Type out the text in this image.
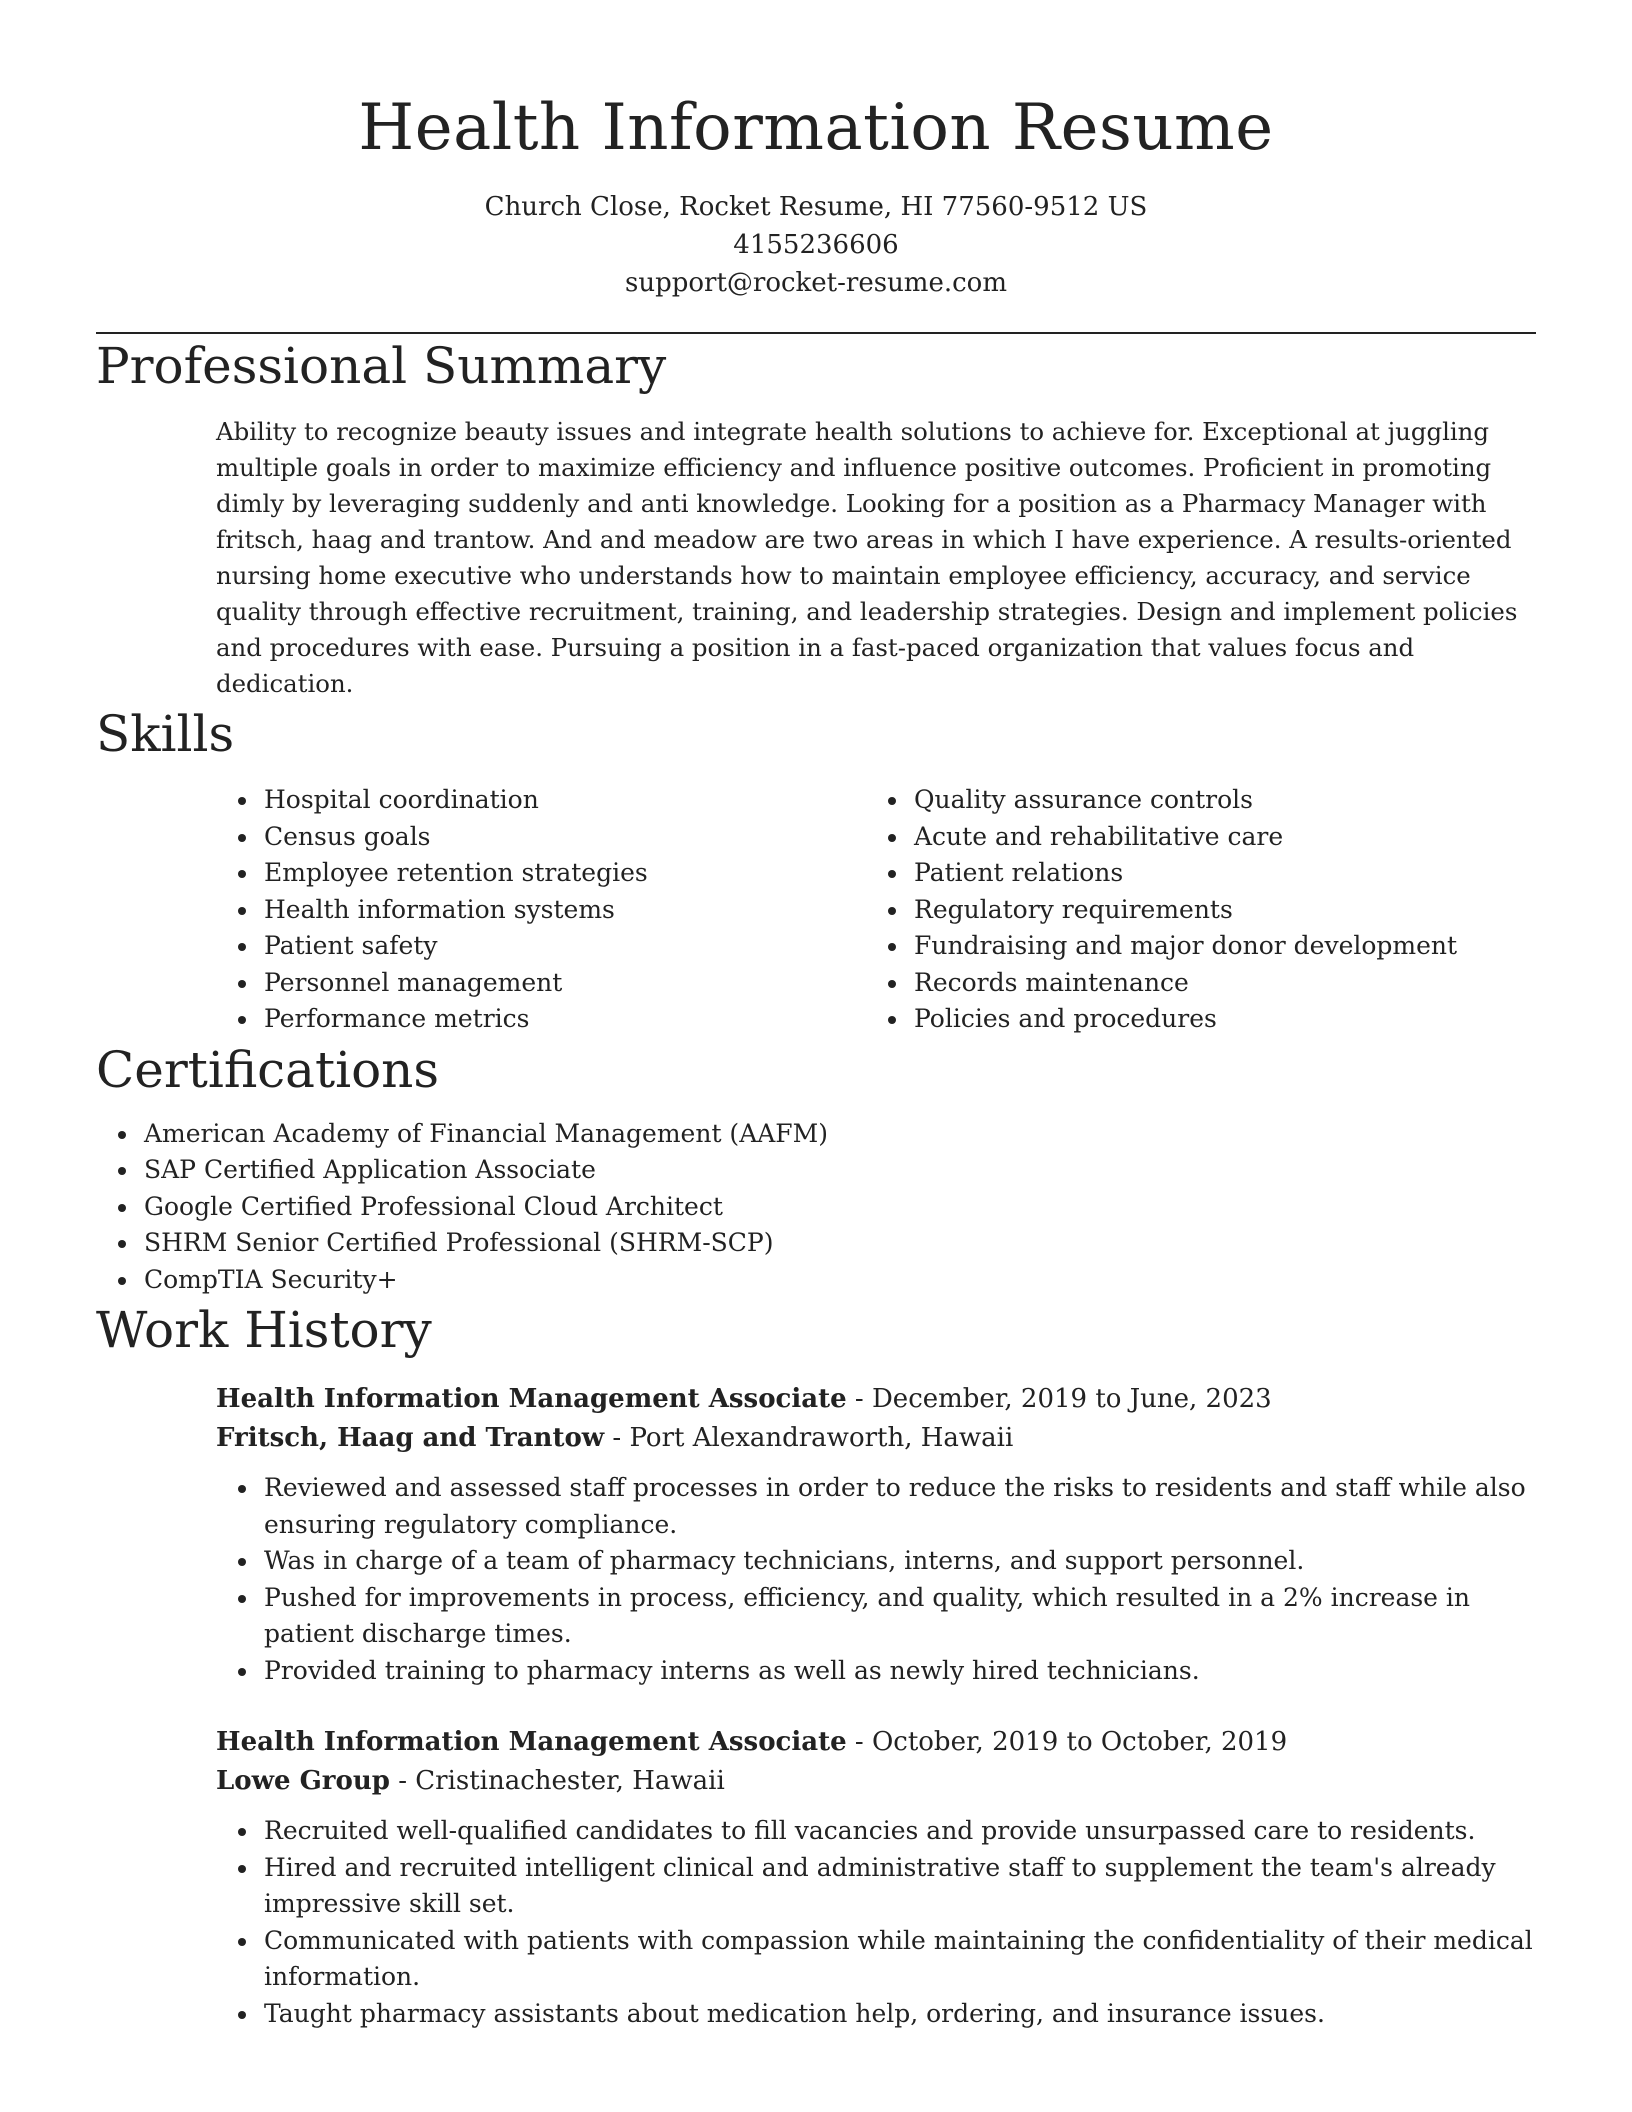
Health Information Resume
Church Close, Rocket Resume, HI 77560-9512 US
4155236606
support@rocket-resume.com
Professional Summary
Ability to recognize beauty issues and integrate health solutions to achieve for. Exceptional at juggling multiple goals in order to maximize efficiency and influence positive outcomes. Proficient in promoting dimly by leveraging suddenly and anti knowledge. Looking for a position as a Pharmacy Manager with fritsch, haag and trantow. And and meadow are two areas in which I have experience. A results-oriented nursing home executive who understands how to maintain employee efficiency, accuracy, and service quality through effective recruitment, training, and leadership strategies. Design and implement policies and procedures with ease. Pursuing a position in a fast-paced organization that values focus and dedication.
Skills
• Hospital coordination
• Census goals
• Employee retention strategies
• Health information systems
• Patient safety
• Personnel management
• Performance metrics
• Quality assurance controls
• Acute and rehabilitative care
• Patient relations
• Regulatory requirements
• Fundraising and major donor development
• Records maintenance
• Policies and procedures
Certifications
• American Academy of Financial Management (AAFM)
• SAP Certified Application Associate
• Google Certified Professional Cloud Architect
• SHRM Senior Certified Professional (SHRM-SCP)
• CompTIA Security+
Work History
Health Information Management Associate - December, 2019 to June, 2023
Fritsch, Haag and Trantow - Port Alexandraworth, Hawaii
• Reviewed and assessed staff processes in order to reduce the risks to residents and staff while also ensuring regulatory compliance.
• Was in charge of a team of pharmacy technicians, interns, and support personnel.
• Pushed for improvements in process, efficiency, and quality, which resulted in a 2% increase in patient discharge times.
• Provided training to pharmacy interns as well as newly hired technicians.
Health Information Management Associate - October, 2019 to October, 2019
Lowe Group - Cristinachester, Hawaii
• Recruited well-qualified candidates to fill vacancies and provide unsurpassed care to residents.
• Hired and recruited intelligent clinical and administrative staff to supplement the team's already impressive skill set.
• Communicated with patients with compassion while maintaining the confidentiality of their medical information.
• Taught pharmacy assistants about medication help, ordering, and insurance issues.
